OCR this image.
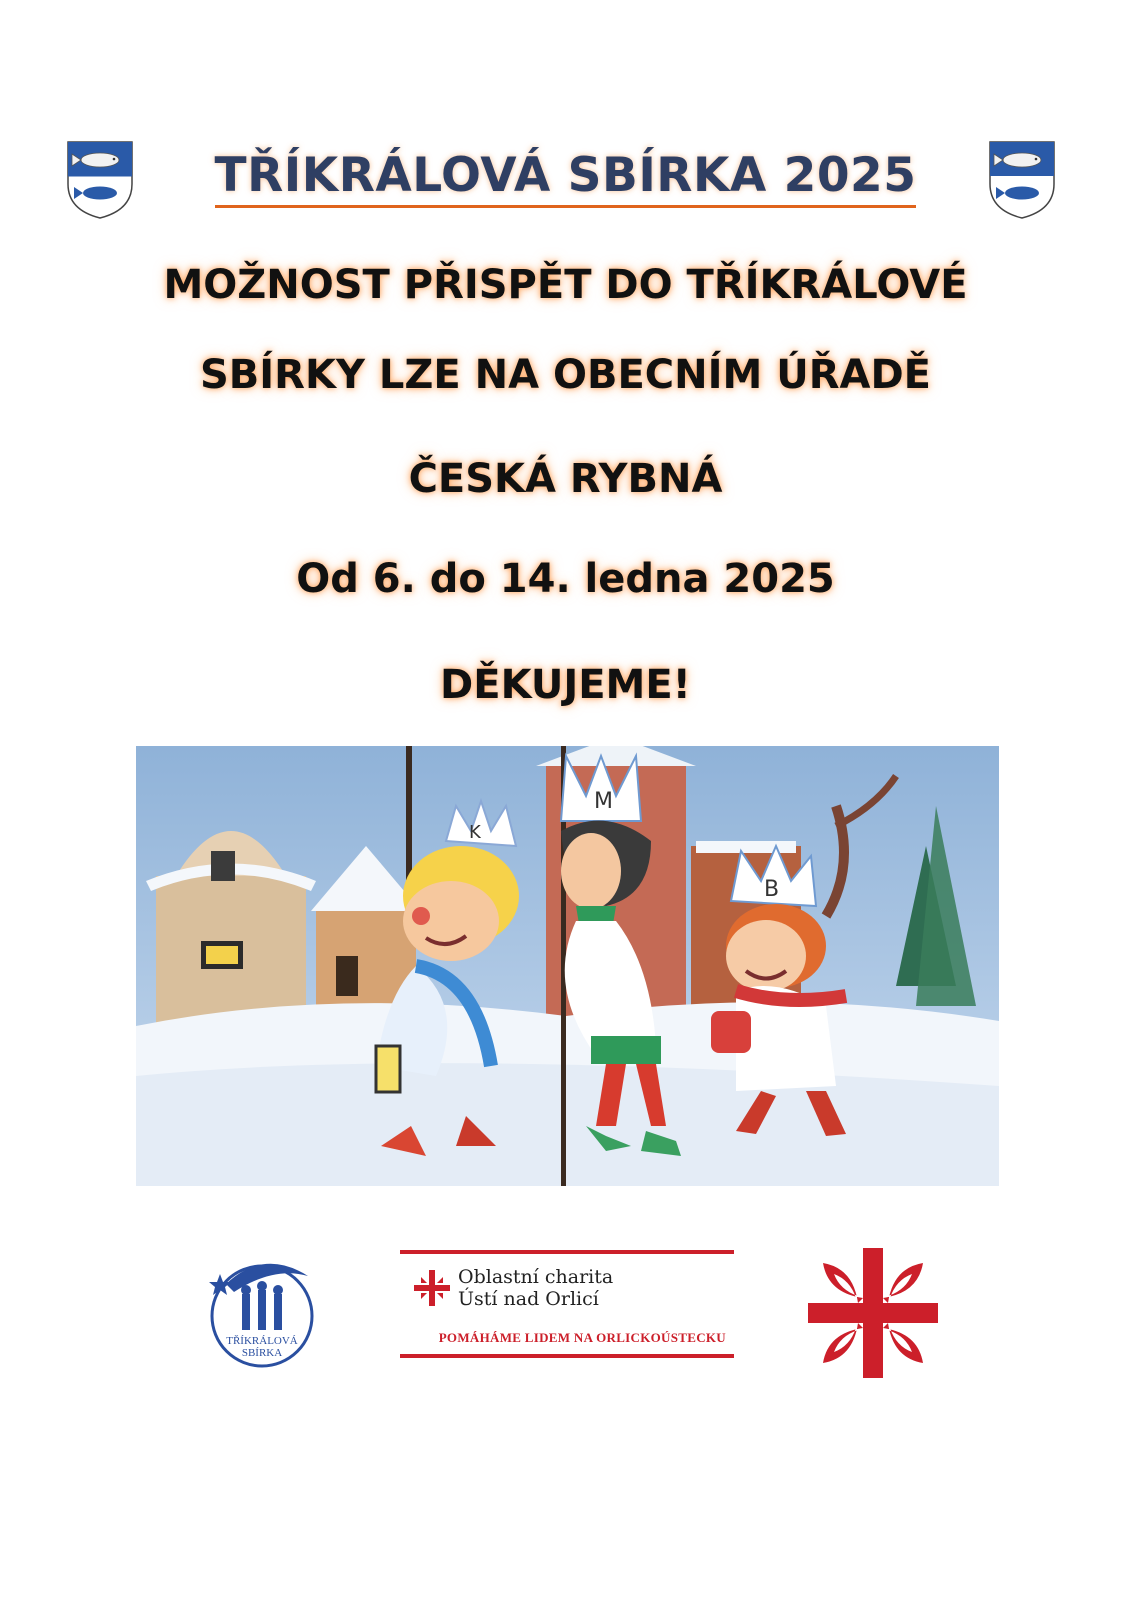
TŘÍKRÁLOVÁ SBÍRKA 2025
MOŽNOST PŘISPĚT DO TŘÍKRÁLOVÉ
SBÍRKY LZE NA OBECNÍM ÚŘADĚ
ČESKÁ RYBNÁ
Od 6. do 14. ledna 2025
DĚKUJEME!
K
M
B
TŘÍKRÁLOVÁ
SBÍRKA
Oblastní charita
Ústí nad Orlicí
POMÁHÁME LIDEM NA ORLICKOÚSTECKU
